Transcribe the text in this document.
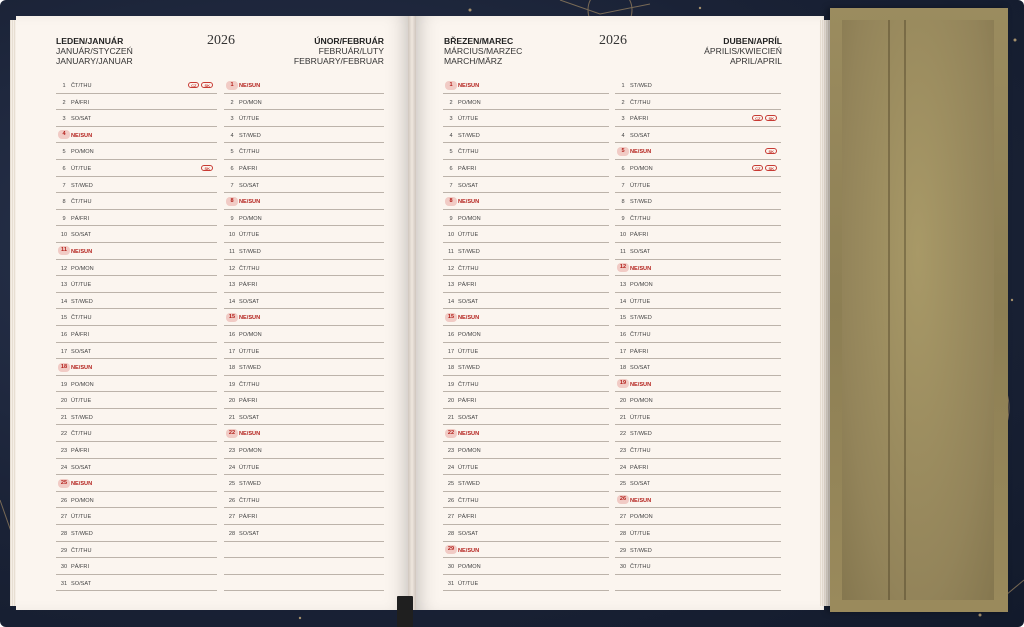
LEDEN/JANUÁR
JANUÁR/STYCZEŃ
JANUARY/JANUAR
2026	ÚNOR/FEBRUÁR
FEBRUÁR/LUTY
FEBRUARY/FEBRUAR
BŘEZEN/MAREC
MÁRCIUS/MARZEC
MARCH/MÄRZ
2026	DUBEN/APRÍL
ÁPRILIS/KWIECIEŃ
APRIL/APRIL
1 ČT/THU	CZ	SK
2 PÁ/FRI
3 SO/SAT
4 NE/SUN
5 PO/MON
6 ÚT/TUE	SK
7 ST/WED
8 ČT/THU
9 PÁ/FRI
10 SO/SAT
11 NE/SUN
12 PO/MON
13 ÚT/TUE
14 ST/WED
15 ČT/THU
16 PÁ/FRI
17 SO/SAT
18 NE/SUN
19 PO/MON
20 ÚT/TUE
21 ST/WED
22 ČT/THU
23 PÁ/FRI
24 SO/SAT
25 NE/SUN
26 PO/MON
27 ÚT/TUE
28 ST/WED
29 ČT/THU
30 PÁ/FRI
31 SO/SAT
1 NE/SUN
2 PO/MON
3 ÚT/TUE
4 ST/WED
5 ČT/THU
6 PÁ/FRI
7 SO/SAT
8 NE/SUN
9 PO/MON
10 ÚT/TUE
11 ST/WED
12 ČT/THU
13 PÁ/FRI
14 SO/SAT
15 NE/SUN
16 PO/MON
17 ÚT/TUE
18 ST/WED
19 ČT/THU
20 PÁ/FRI
21 SO/SAT
22 NE/SUN
23 PO/MON
24 ÚT/TUE
25 ST/WED
26 ČT/THU
27 PÁ/FRI
28 SO/SAT
1 NE/SUN
2 PO/MON
3 ÚT/TUE
4 ST/WED
5 ČT/THU
6 PÁ/FRI
7 SO/SAT
8 NE/SUN
9 PO/MON
10 ÚT/TUE
11 ST/WED
12 ČT/THU
13 PÁ/FRI
14 SO/SAT
15 NE/SUN
16 PO/MON
17 ÚT/TUE
18 ST/WED
19 ČT/THU
20 PÁ/FRI
21 SO/SAT
22 NE/SUN
23 PO/MON
24 ÚT/TUE
25 ST/WED
26 ČT/THU
27 PÁ/FRI
28 SO/SAT
29 NE/SUN
30 PO/MON
31 ÚT/TUE
1 ST/WED
2 ČT/THU
3 PÁ/FRI	CZ	SK
4 SO/SAT
5 NE/SUN	SK
6 PO/MON	CZ	SK
7 ÚT/TUE
8 ST/WED
9 ČT/THU
10 PÁ/FRI
11 SO/SAT
12 NE/SUN
13 PO/MON
14 ÚT/TUE
15 ST/WED
16 ČT/THU
17 PÁ/FRI
18 SO/SAT
19 NE/SUN
20 PO/MON
21 ÚT/TUE
22 ST/WED
23 ČT/THU
24 PÁ/FRI
25 SO/SAT
26 NE/SUN
27 PO/MON
28 ÚT/TUE
29 ST/WED
30 ČT/THU
